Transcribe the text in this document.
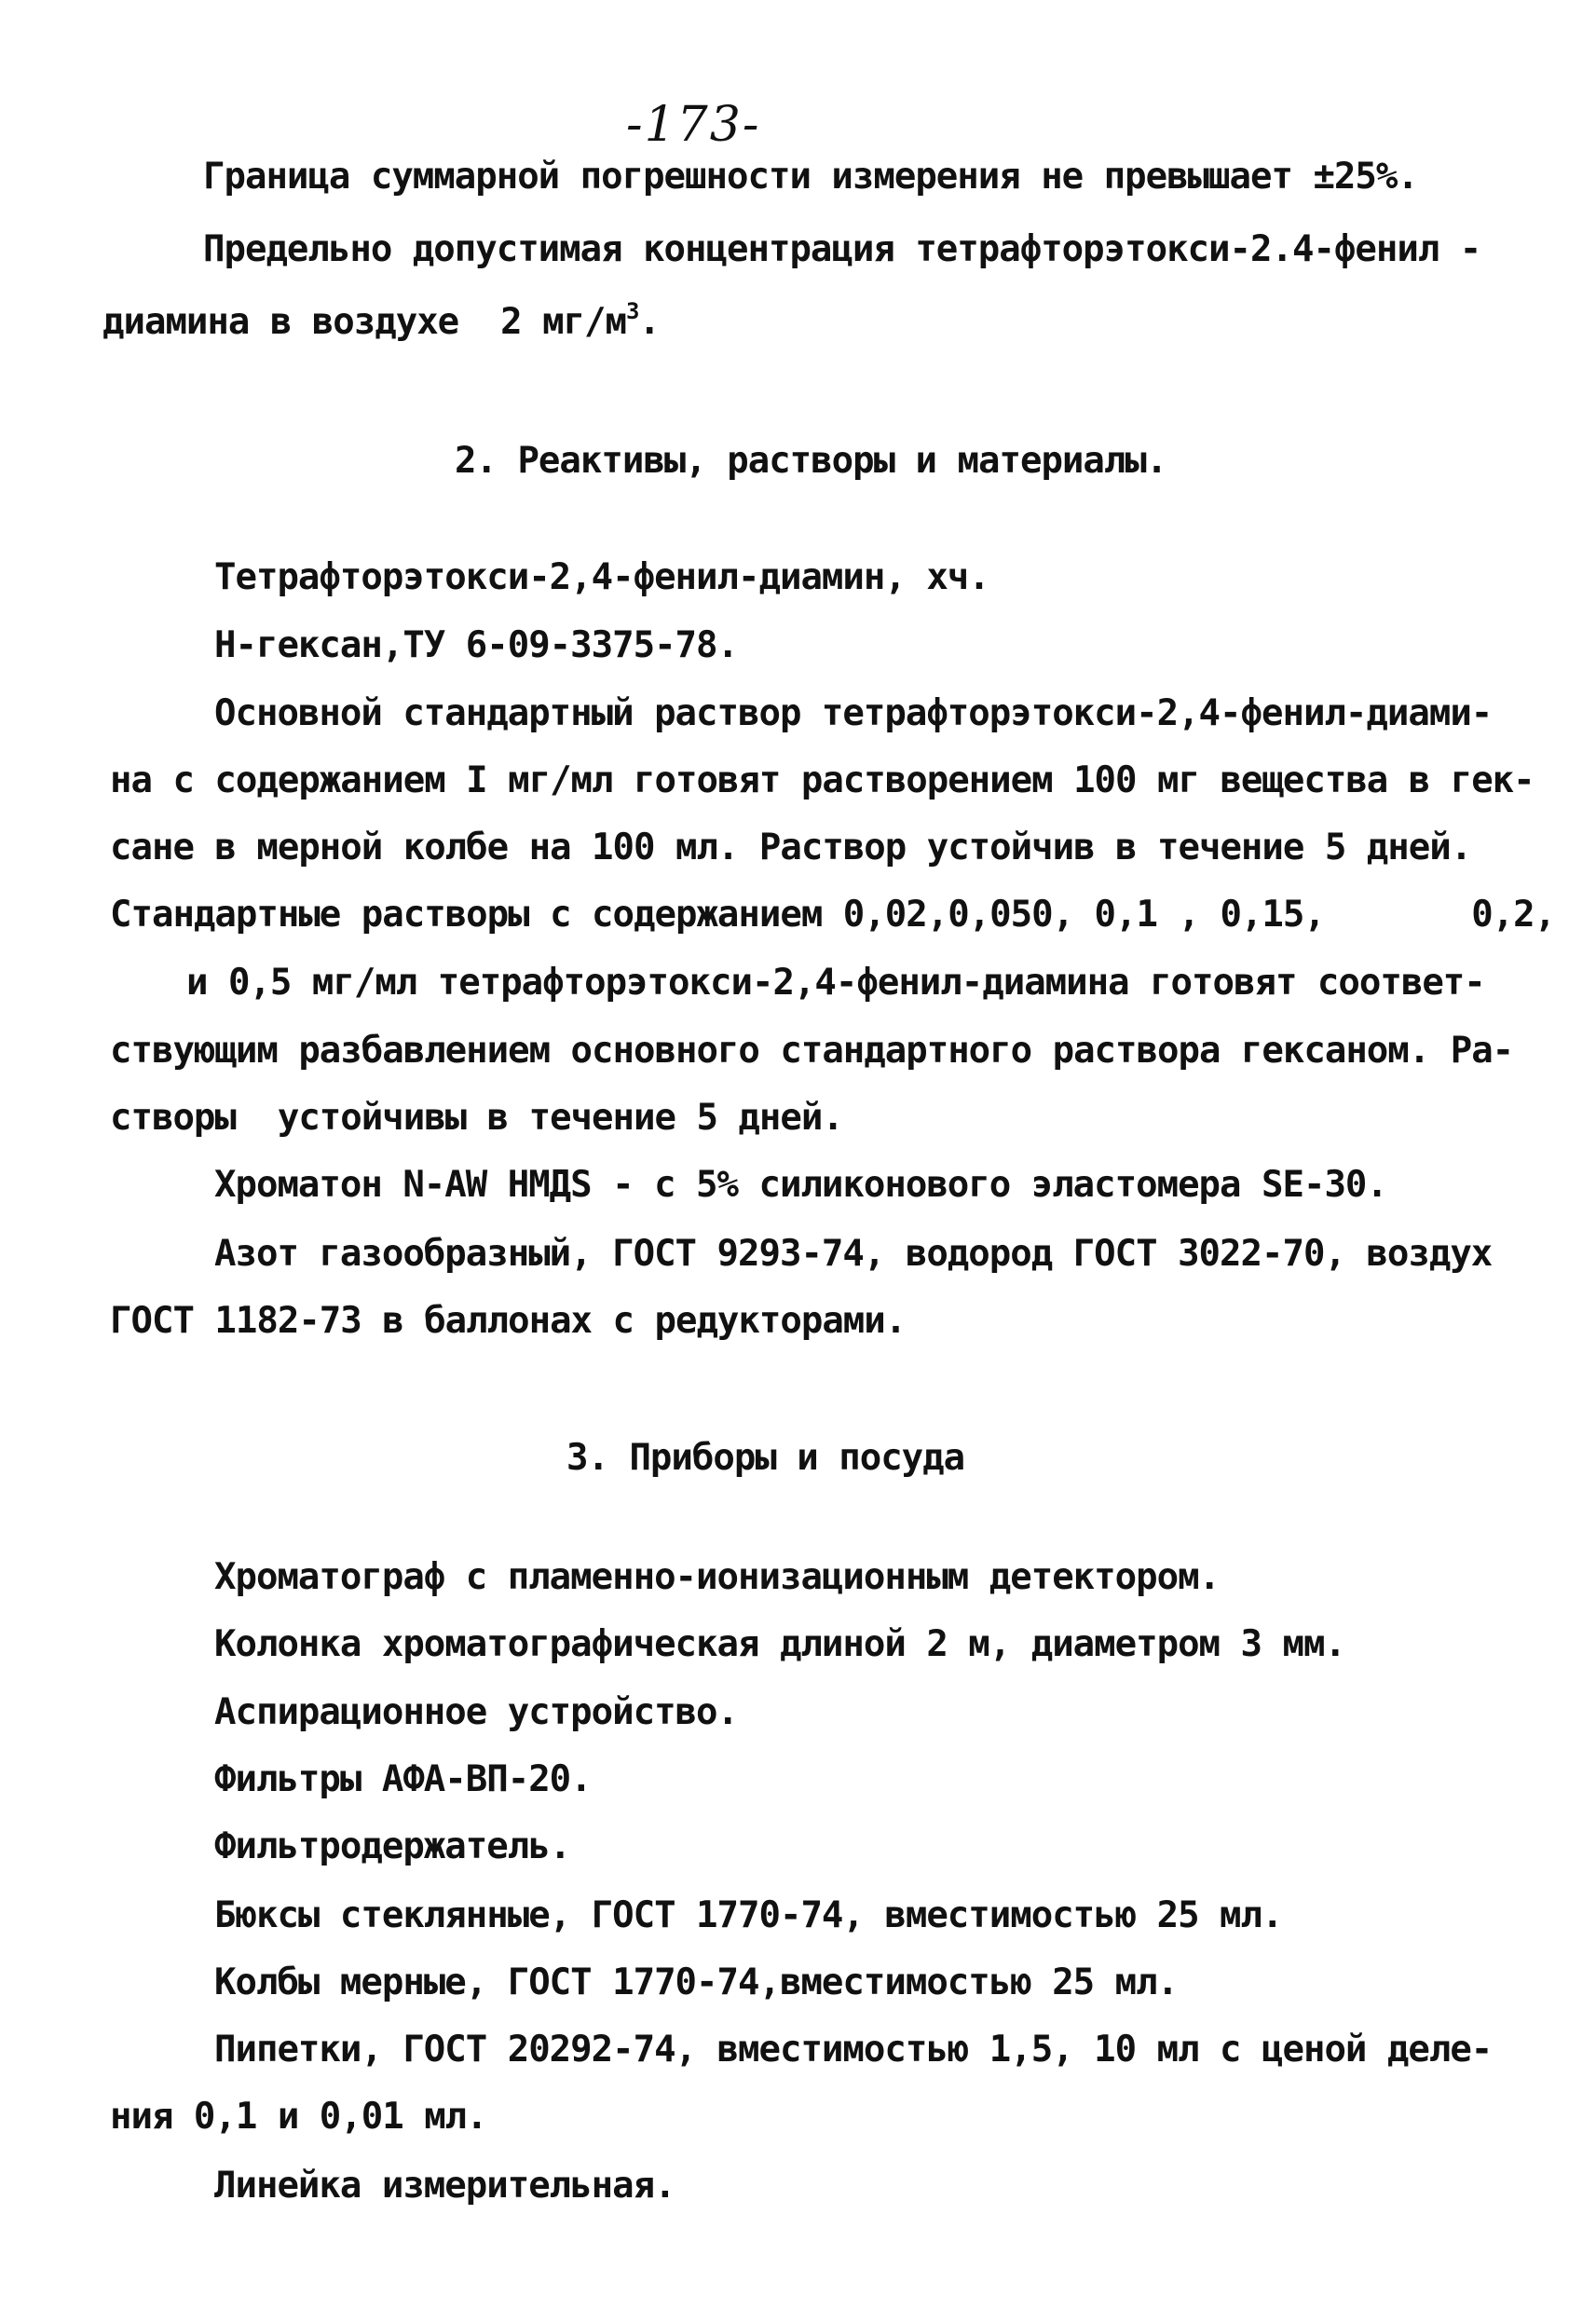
-173-
Граница суммарной погрешности измерения не превышает ±25%.
Предельно допустимая концентрация тетрафторэтокси-2.4-фенил -
диамина в воздухе  2 $мг/м^3$.
2. Реактивы, растворы и материалы.
Тетрафторэтокси-2,4-фенил-диамин, хч.
Н-гексан,ТУ 6-09-3375-78.
Основной стандартный раствор тетрафторэтокси-2,4-фенил-диами-
на с содержанием I мг/мл готовят растворением 100 мг вещества в гек-
сане в мерной колбе на 100 мл. Раствор устойчив в течение 5 дней.
Стандартные растворы с содержанием 0,02,0,050, 0,1 , 0,15,       0,2,
и 0,5 мг/мл тетрафторэтокси-2,4-фенил-диамина готовят соответ-
ствующим разбавлением основного стандартного раствора гексаном. Ра-
створы  устойчивы в течение 5 дней.
Хроматон N-AW НМДS - с 5% силиконового эластомера SE-30.
Азот газообразный, ГОСТ 9293-74, водород ГОСТ 3022-70, воздух
ГОСТ 1182-73 в баллонах с редукторами.
3. Приборы и посуда
Хроматограф с пламенно-ионизационным детектором.
Колонка хроматографическая длиной 2 м, диаметром 3 мм.
Аспирационное устройство.
Фильтры АФА-ВП-20.
Фильтродержатель.
Бюксы стеклянные, ГОСТ 1770-74, вместимостью 25 мл.
Колбы мерные, ГОСТ 1770-74,вместимостью 25 мл.
Пипетки, ГОСТ 20292-74, вместимостью 1,5, 10 мл с ценой деле-
ния 0,1 и 0,01 мл.
Линейка измерительная.
